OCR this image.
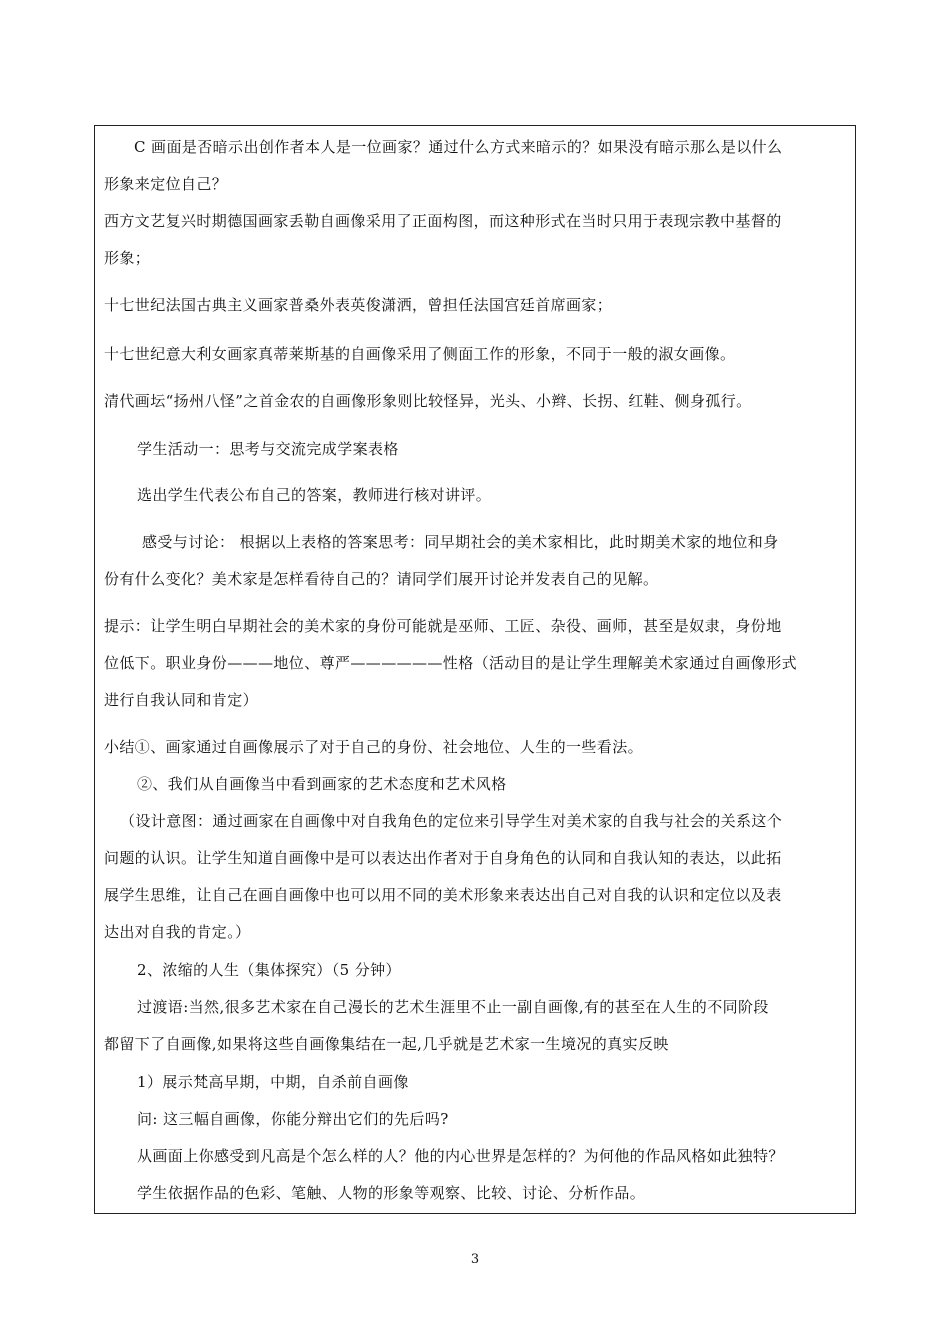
C 画面是否暗示出创作者本人是一位画家？通过什么方式来暗示的？如果没有暗示那么是以什么
形象来定位自己？
西方文艺复兴时期德国画家丢勒自画像采用了正面构图，而这种形式在当时只用于表现宗教中基督的
形象；
十七世纪法国古典主义画家普桑外表英俊潇洒，曾担任法国宫廷首席画家；
十七世纪意大利女画家真蒂莱斯基的自画像采用了侧面工作的形象，不同于一般的淑女画像。
清代画坛“扬州八怪”之首金农的自画像形象则比较怪异，光头、小辫、长拐、红鞋、侧身孤行。
学生活动一：思考与交流完成学案表格
选出学生代表公布自己的答案，教师进行核对讲评。
感受与讨论： 根据以上表格的答案思考：同早期社会的美术家相比，此时期美术家的地位和身
份有什么变化？美术家是怎样看待自己的？请同学们展开讨论并发表自己的见解。
提示：让学生明白早期社会的美术家的身份可能就是巫师、工匠、杂役、画师，甚至是奴隶，身份地
位低下。职业身份———地位、尊严——————性格（活动目的是让学生理解美术家通过自画像形式
进行自我认同和肯定）
小结①、画家通过自画像展示了对于自己的身份、社会地位、人生的一些看法。
②、我们从自画像当中看到画家的艺术态度和艺术风格
（设计意图：通过画家在自画像中对自我角色的定位来引导学生对美术家的自我与社会的关系这个
问题的认识。让学生知道自画像中是可以表达出作者对于自身角色的认同和自我认知的表达，以此拓
展学生思维，让自己在画自画像中也可以用不同的美术形象来表达出自己对自我的认识和定位以及表
达出对自我的肯定。）
2、浓缩的人生（集体探究）（5 分钟）
过渡语:当然,很多艺术家在自己漫长的艺术生涯里不止一副自画像,有的甚至在人生的不同阶段
都留下了自画像,如果将这些自画像集结在一起,几乎就是艺术家一生境况的真实反映
1）展示梵高早期，中期，自杀前自画像
问: 这三幅自画像，你能分辩出它们的先后吗?
从画面上你感受到凡高是个怎么样的人？他的内心世界是怎样的？为何他的作品风格如此独特？
学生依据作品的色彩、笔触、人物的形象等观察、比较、讨论、分析作品。
3
